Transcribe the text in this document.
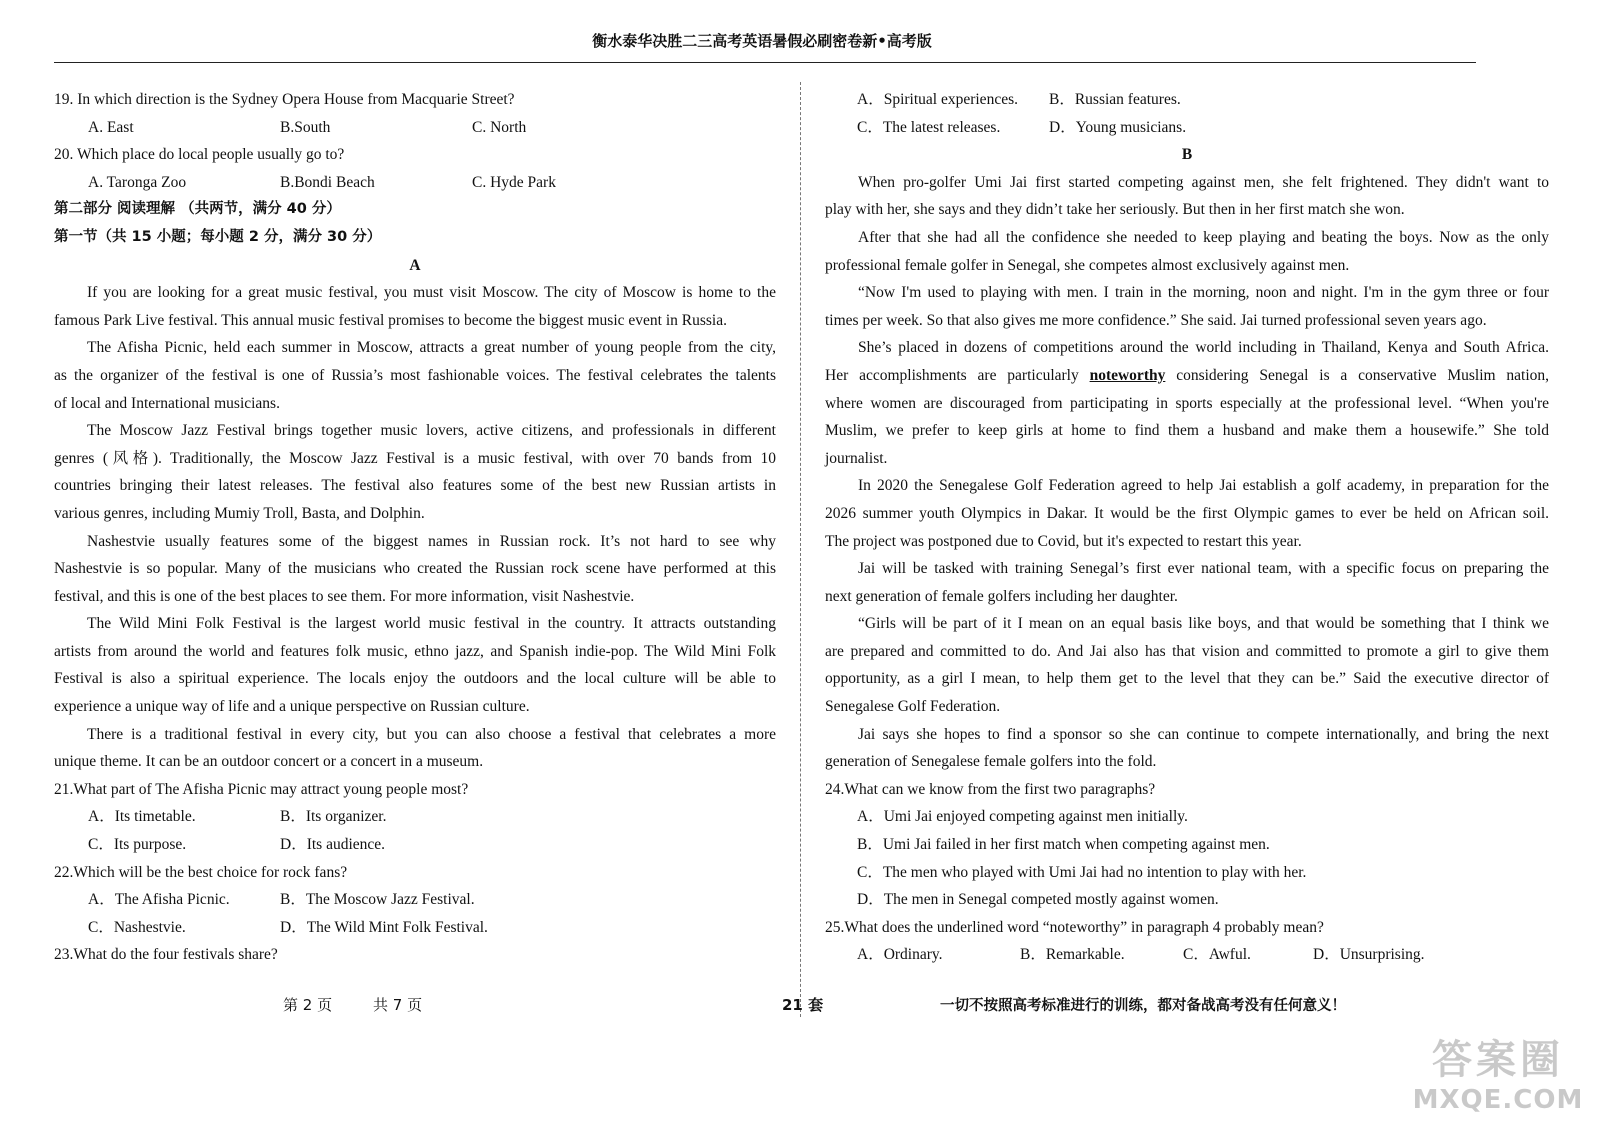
衡水泰华决胜二三高考英语暑假必刷密卷新•高考版
19. In which direction is the Sydney Opera House from Macquarie Street?
A. East	B.South	C. North
20. Which place do local people usually go to?
A. Taronga Zoo	B.Bondi Beach	C. Hyde Park
第二部分 阅读理解 （共两节，满分 40 分）
第一节（共 15 小题；每小题 2 分，满分 30 分）
A
If you are looking for a great music festival, you must visit Moscow. The city of Moscow is home to the
famous Park Live festival. This annual music festival promises to become the biggest music event in Russia.
The Afisha Picnic, held each summer in Moscow, attracts a great number of young people from the city,
as the organizer of the festival is one of Russia’s most fashionable voices. The festival celebrates the talents
of local and International musicians.
The Moscow Jazz Festival brings together music lovers, active citizens, and professionals in different
genres (风格). Traditionally, the Moscow Jazz Festival is a music festival, with over 70 bands from 10
countries bringing their latest releases. The festival also features some of the best new Russian artists in
various genres, including Mumiy Troll, Basta, and Dolphin.
Nashestvie usually features some of the biggest names in Russian rock. It’s not hard to see why
Nashestvie is so popular. Many of the musicians who created the Russian rock scene have performed at this
festival, and this is one of the best places to see them. For more information, visit Nashestvie.
The Wild Mini Folk Festival is the largest world music festival in the country. It attracts outstanding
artists from around the world and features folk music, ethno jazz, and Spanish indie-pop. The Wild Mini Folk
Festival is also a spiritual experience. The locals enjoy the outdoors and the local culture will be able to
experience a unique way of life and a unique perspective on Russian culture.
There is a traditional festival in every city, but you can also choose a festival that celebrates a more
unique theme. It can be an outdoor concert or a concert in a museum.
21.What part of The Afisha Picnic may attract young people most?
A．Its timetable.	B．Its organizer.
C．Its purpose.	D．Its audience.
22.Which will be the best choice for rock fans?
A．The Afisha Picnic.	B．The Moscow Jazz Festival.
C．Nashestvie.	D．The Wild Mint Folk Festival.
23.What do the four festivals share?
A．Spiritual experiences. B．Russian features.
C．The latest releases.	D．Young musicians.
B
When pro-golfer Umi Jai first started competing against men, she felt frightened. They didn't want to
play with her, she says and they didn’t take her seriously. But then in her first match she won.
After that she had all the confidence she needed to keep playing and beating the boys. Now as the only
professional female golfer in Senegal, she competes almost exclusively against men.
“Now I'm used to playing with men. I train in the morning, noon and night. I'm in the gym three or four
times per week. So that also gives me more confidence.” She said. Jai turned professional seven years ago.
She’s placed in dozens of competitions around the world including in Thailand, Kenya and South Africa.
Her accomplishments are particularly noteworthy considering Senegal is a conservative Muslim nation,
where women are discouraged from participating in sports especially at the professional level. “When you're
Muslim, we prefer to keep girls at home to find them a husband and make them a housewife.” She told
journalist.
In 2020 the Senegalese Golf Federation agreed to help Jai establish a golf academy, in preparation for the
2026 summer youth Olympics in Dakar. It would be the first Olympic games to ever be held on African soil.
The project was postponed due to Covid, but it's expected to restart this year.
Jai will be tasked with training Senegal’s first ever national team, with a specific focus on preparing the
next generation of female golfers including her daughter.
“Girls will be part of it I mean on an equal basis like boys, and that would be something that I think we
are prepared and committed to do. And Jai also has that vision and committed to promote a girl to give them
opportunity, as a girl I mean, to help them get to the level that they can be.” Said the executive director of
Senegalese Golf Federation.
Jai says she hopes to find a sponsor so she can continue to compete internationally, and bring the next
generation of Senegalese female golfers into the fold.
24.What can we know from the first two paragraphs?
A．Umi Jai enjoyed competing against men initially.
B．Umi Jai failed in her first match when competing against men.
C．The men who played with Umi Jai had no intention to play with her.
D．The men in Senegal competed mostly against women.
25.What does the underlined word “noteworthy” in paragraph 4 probably mean?
A．Ordinary.	B．Remarkable.	C．Awful.	D．Unsurprising.
第 2 页	共 7 页	21 套	一切不按照高考标准进行的训练，都对备战高考没有任何意义！
答案圈
MXQE.COM
